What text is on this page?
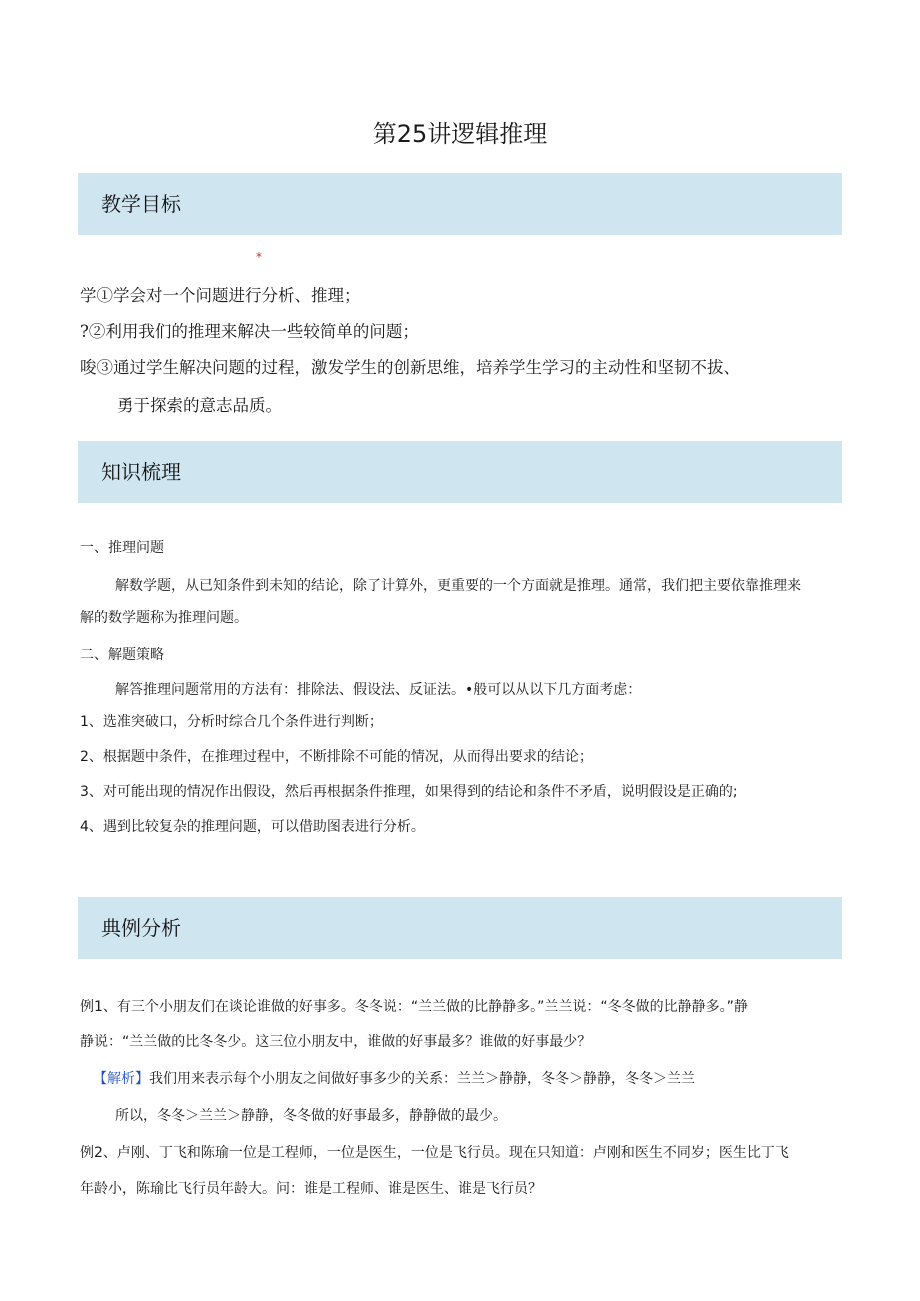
第25讲逻辑推理
教学目标
*
学①学会对一个问题进行分析、推理；
?②利用我们的推理来解决一些较简单的问题；
唆③通过学生解决问题的过程，激发学生的创新思维，培养学生学习的主动性和坚韧不拔、
勇于探索的意志品质。
知识梳理
一、推理问题
解数学题，从已知条件到未知的结论，除了计算外，更重要的一个方面就是推理。通常，我们把主要依靠推理来
解的数学题称为推理问题。
二、解题策略
解答推理问题常用的方法有：排除法、假设法、反证法。•般可以从以下几方面考虑：
1、选准突破口，分析时综合几个条件进行判断；
2、根据题中条件，在推理过程中，不断排除不可能的情况，从而得出要求的结论；
3、对可能出现的情况作出假设，然后再根据条件推理，如果得到的结论和条件不矛盾，说明假设是正确的;
4、遇到比较复杂的推理问题，可以借助图表进行分析。
典例分析
例1、有三个小朋友们在谈论谁做的好事多。冬冬说：“兰兰做的比静静多。”兰兰说：“冬冬做的比静静多。”静
静说：“兰兰做的比冬冬少。这三位小朋友中，谁做的好事最多？谁做的好事最少？
【解析】我们用来表示每个小朋友之间做好事多少的关系：兰兰＞静静，冬冬＞静静，冬冬＞兰兰
所以，冬冬＞兰兰＞静静，冬冬做的好事最多，静静做的最少。
例2、卢刚、丁飞和陈瑜一位是工程师，一位是医生，一位是飞行员。现在只知道：卢刚和医生不同岁；医生比丁飞
年龄小，陈瑜比飞行员年龄大。问：谁是工程师、谁是医生、谁是飞行员？
